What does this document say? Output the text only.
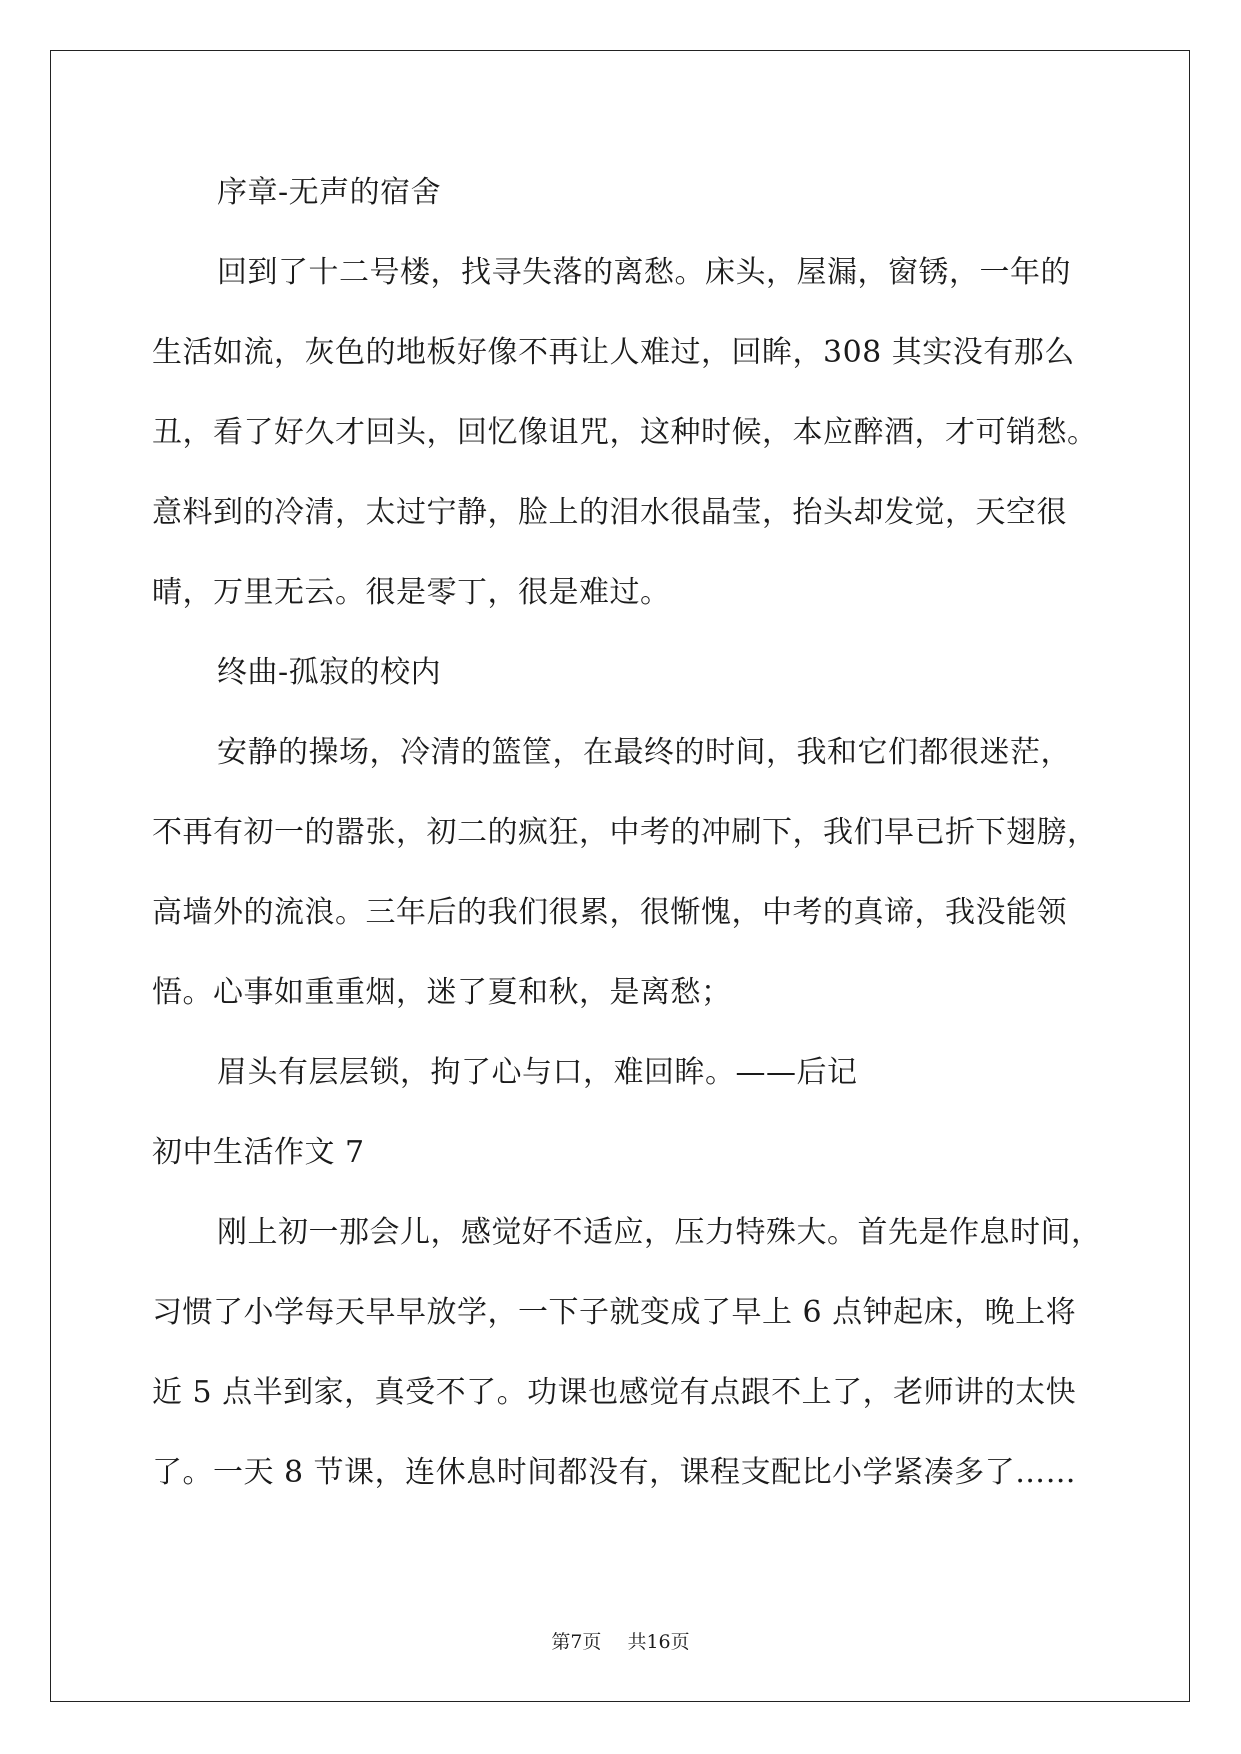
序章-无声的宿舍
回到了十二号楼，找寻失落的离愁。床头，屋漏，窗锈，一年的
生活如流，灰色的地板好像不再让人难过，回眸，308 其实没有那么
丑，看了好久才回头，回忆像诅咒，这种时候，本应醉酒，才可销愁。
意料到的冷清，太过宁静，脸上的泪水很晶莹，抬头却发觉，天空很
晴，万里无云。很是零丁，很是难过。
终曲-孤寂的校内
安静的操场，冷清的篮筐，在最终的时间，我和它们都很迷茫，
不再有初一的嚣张，初二的疯狂，中考的冲刷下，我们早已折下翅膀，
高墙外的流浪。三年后的我们很累，很惭愧，中考的真谛，我没能领
悟。心事如重重烟，迷了夏和秋，是离愁；
眉头有层层锁，拘了心与口，难回眸。——后记
初中生活作文 7
刚上初一那会儿，感觉好不适应，压力特殊大。首先是作息时间，
习惯了小学每天早早放学，一下子就变成了早上 6 点钟起床，晚上将
近 5 点半到家，真受不了。功课也感觉有点跟不上了，老师讲的太快
了。一天 8 节课，连休息时间都没有，课程支配比小学紧凑多了……
第7页 共16页
